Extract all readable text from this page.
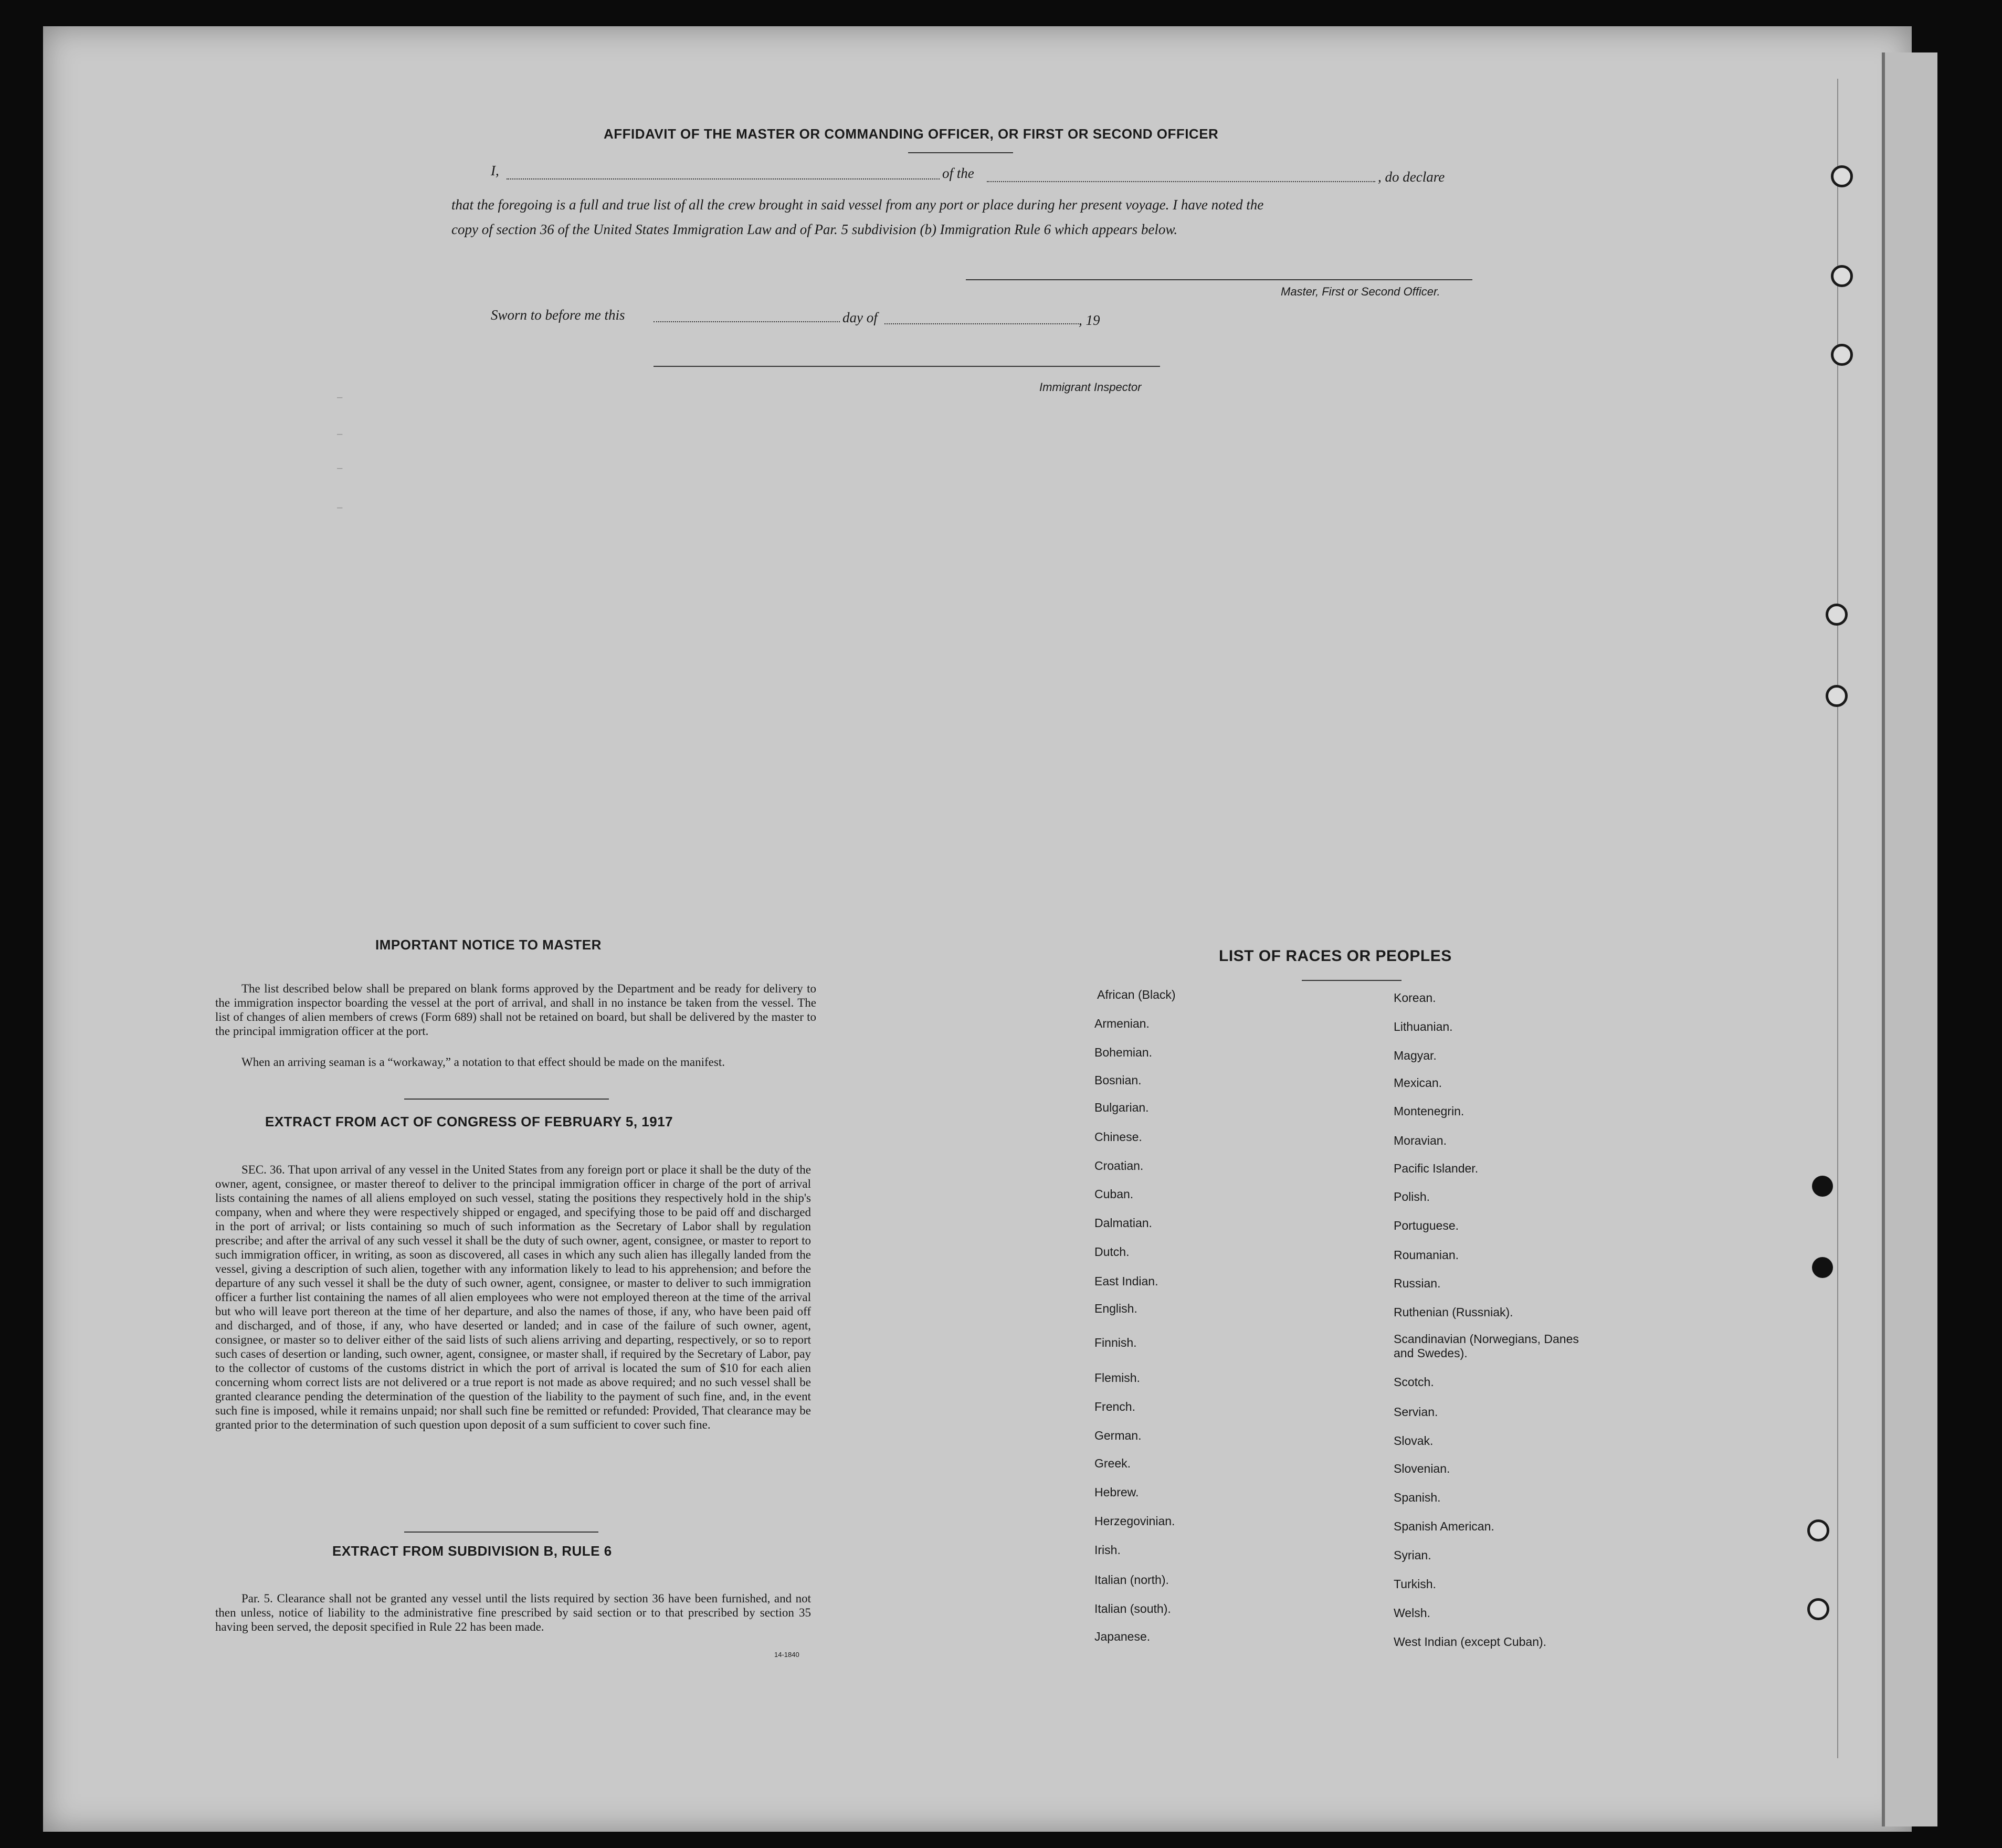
–
–
–
–
AFFIDAVIT OF THE MASTER OR COMMANDING OFFICER, OR FIRST OR SECOND OFFICER
I,	of the	, do declare
that the foregoing is a full and true list of all the crew brought in said vessel from any port or place during her present voyage. I have noted the
copy of section 36 of the United States Immigration Law and of Par. 5 subdivision (b) Immigration Rule 6 which appears below.
Master, First or Second Officer.
Sworn to before me this	day of	, 19
Immigrant Inspector
IMPORTANT NOTICE TO MASTER
The list described below shall be prepared on blank forms approved by the Department and be ready for delivery to the immigration inspector boarding the vessel at the port of arrival, and shall in no instance be taken from the vessel. The list of changes of alien members of crews (Form 689) shall not be retained on board, but shall be delivered by the master to the principal immigration officer at the port.
When an arriving seaman is a “workaway,” a notation to that effect should be made on the manifest.
EXTRACT FROM ACT OF CONGRESS OF FEBRUARY 5, 1917
SEC. 36. That upon arrival of any vessel in the United States from any foreign port or place it shall be the duty of the owner, agent, consignee, or master thereof to deliver to the principal immigration officer in charge of the port of arrival lists containing the names of all aliens employed on such vessel, stating the positions they respectively hold in the ship's company, when and where they were respectively shipped or engaged, and specifying those to be paid off and discharged in the port of arrival; or lists containing so much of such information as the Secretary of Labor shall by regulation prescribe; and after the arrival of any such vessel it shall be the duty of such owner, agent, consignee, or master to report to such immigration officer, in writing, as soon as discovered, all cases in which any such alien has illegally landed from the vessel, giving a description of such alien, together with any information likely to lead to his apprehension; and before the departure of any such vessel it shall be the duty of such owner, agent, consignee, or master to deliver to such immigration officer a further list containing the names of all alien employees who were not employed thereon at the time of the arrival but who will leave port thereon at the time of her departure, and also the names of those, if any, who have been paid off and discharged, and of those, if any, who have deserted or landed; and in case of the failure of such owner, agent, consignee, or master so to deliver either of the said lists of such aliens arriving and departing, respectively, or so to report such cases of desertion or landing, such owner, agent, consignee, or master shall, if required by the Secretary of Labor, pay to the collector of customs of the customs district in which the port of arrival is located the sum of $10 for each alien concerning whom correct lists are not delivered or a true report is not made as above required; and no such vessel shall be granted clearance pending the determination of the question of the liability to the payment of such fine, and, in the event such fine is imposed, while it remains unpaid; nor shall such fine be remitted or refunded: Provided, That clearance may be granted prior to the determination of such question upon deposit of a sum sufficient to cover such fine.
EXTRACT FROM SUBDIVISION B, RULE 6
Par. 5. Clearance shall not be granted any vessel until the lists required by section 36 have been furnished, and not then unless, notice of liability to the administrative fine prescribed by said section or to that prescribed by section 35 having been served, the deposit specified in Rule 22 has been made.
14-1840
LIST OF RACES OR PEOPLES
African (Black)
Armenian.
Bohemian.
Bosnian.
Bulgarian.
Chinese.
Croatian.
Cuban.
Dalmatian.
Dutch.
East Indian.
English.
Finnish.
Flemish.
French.
German.
Greek.
Hebrew.
Herzegovinian.
Irish.
Italian (north).
Italian (south).
Japanese.
Korean.
Lithuanian.
Magyar.
Mexican.
Montenegrin.
Moravian.
Pacific Islander.
Polish.
Portuguese.
Roumanian.
Russian.
Ruthenian (Russniak).
Scandinavian (Norwegians, Danes and Swedes).
Scotch.
Servian.
Slovak.
Slovenian.
Spanish.
Spanish American.
Syrian.
Turkish.
Welsh.
West Indian (except Cuban).
